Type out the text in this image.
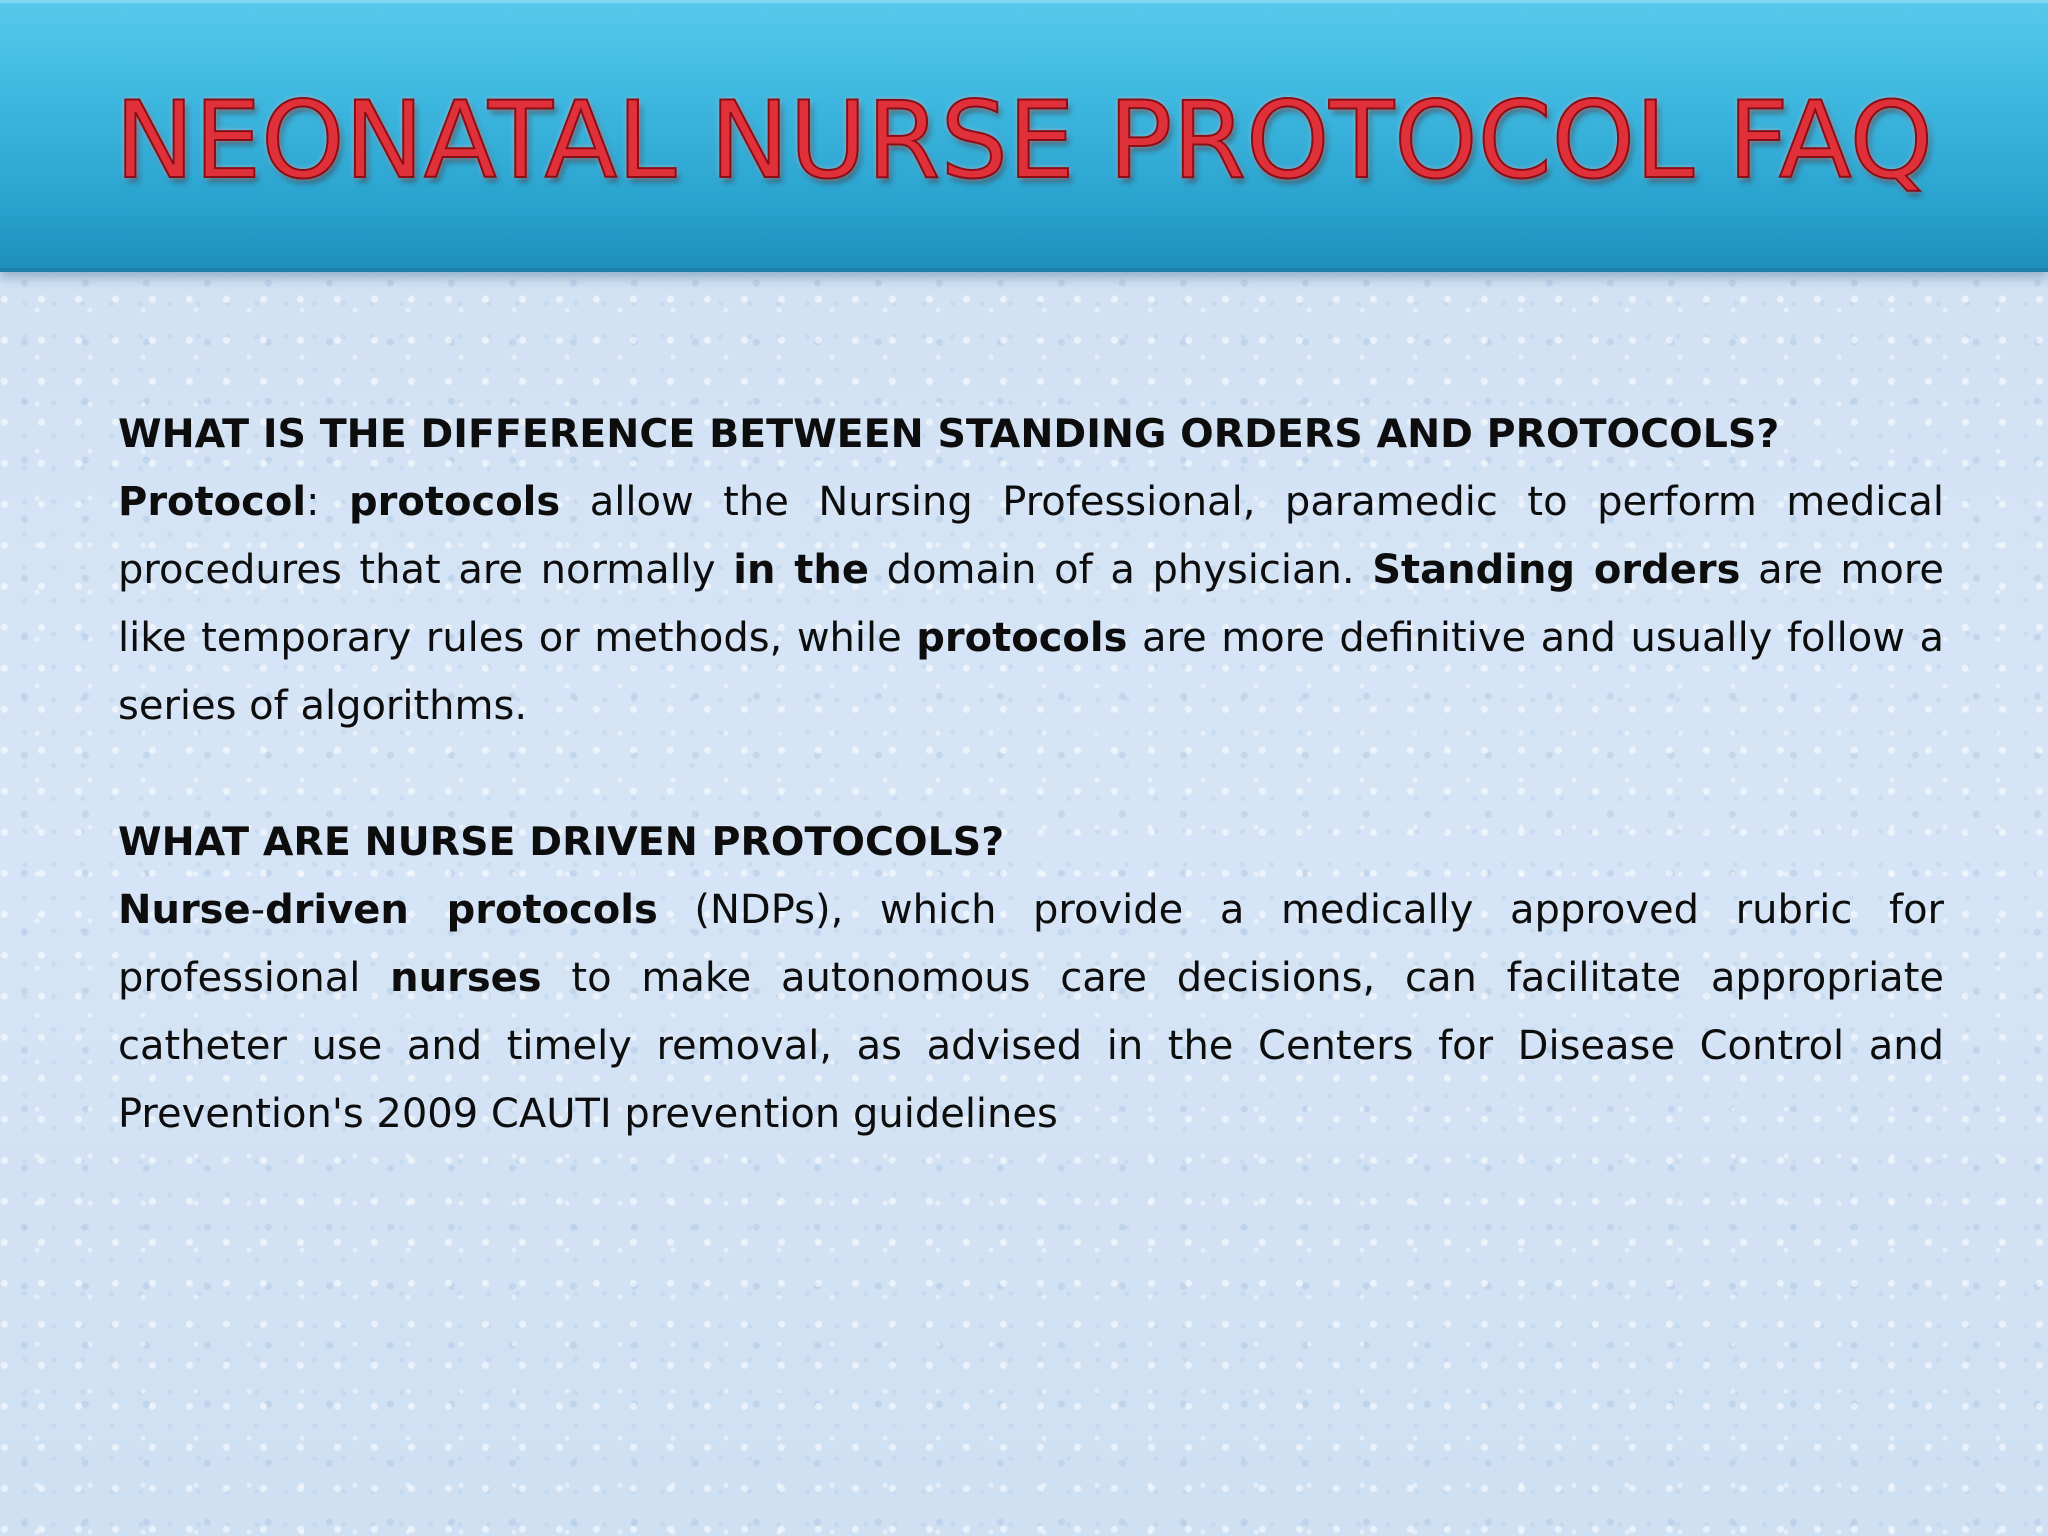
NEONATAL NURSE PROTOCOL FAQ

WHAT IS THE DIFFERENCE BETWEEN STANDING ORDERS AND PROTOCOLS?

Protocol: protocols allow the Nursing Professional, paramedic to perform medical procedures that are normally in the domain of a physician. Standing orders are more like temporary rules or methods, while protocols are more definitive and usually follow a series of algorithms.

WHAT ARE NURSE DRIVEN PROTOCOLS?

Nurse-driven protocols (NDPs), which provide a medically approved rubric for professional nurses to make autonomous care decisions, can facilitate appropriate catheter use and timely removal, as advised in the Centers for Disease Control and Prevention's 2009 CAUTI prevention guidelines
